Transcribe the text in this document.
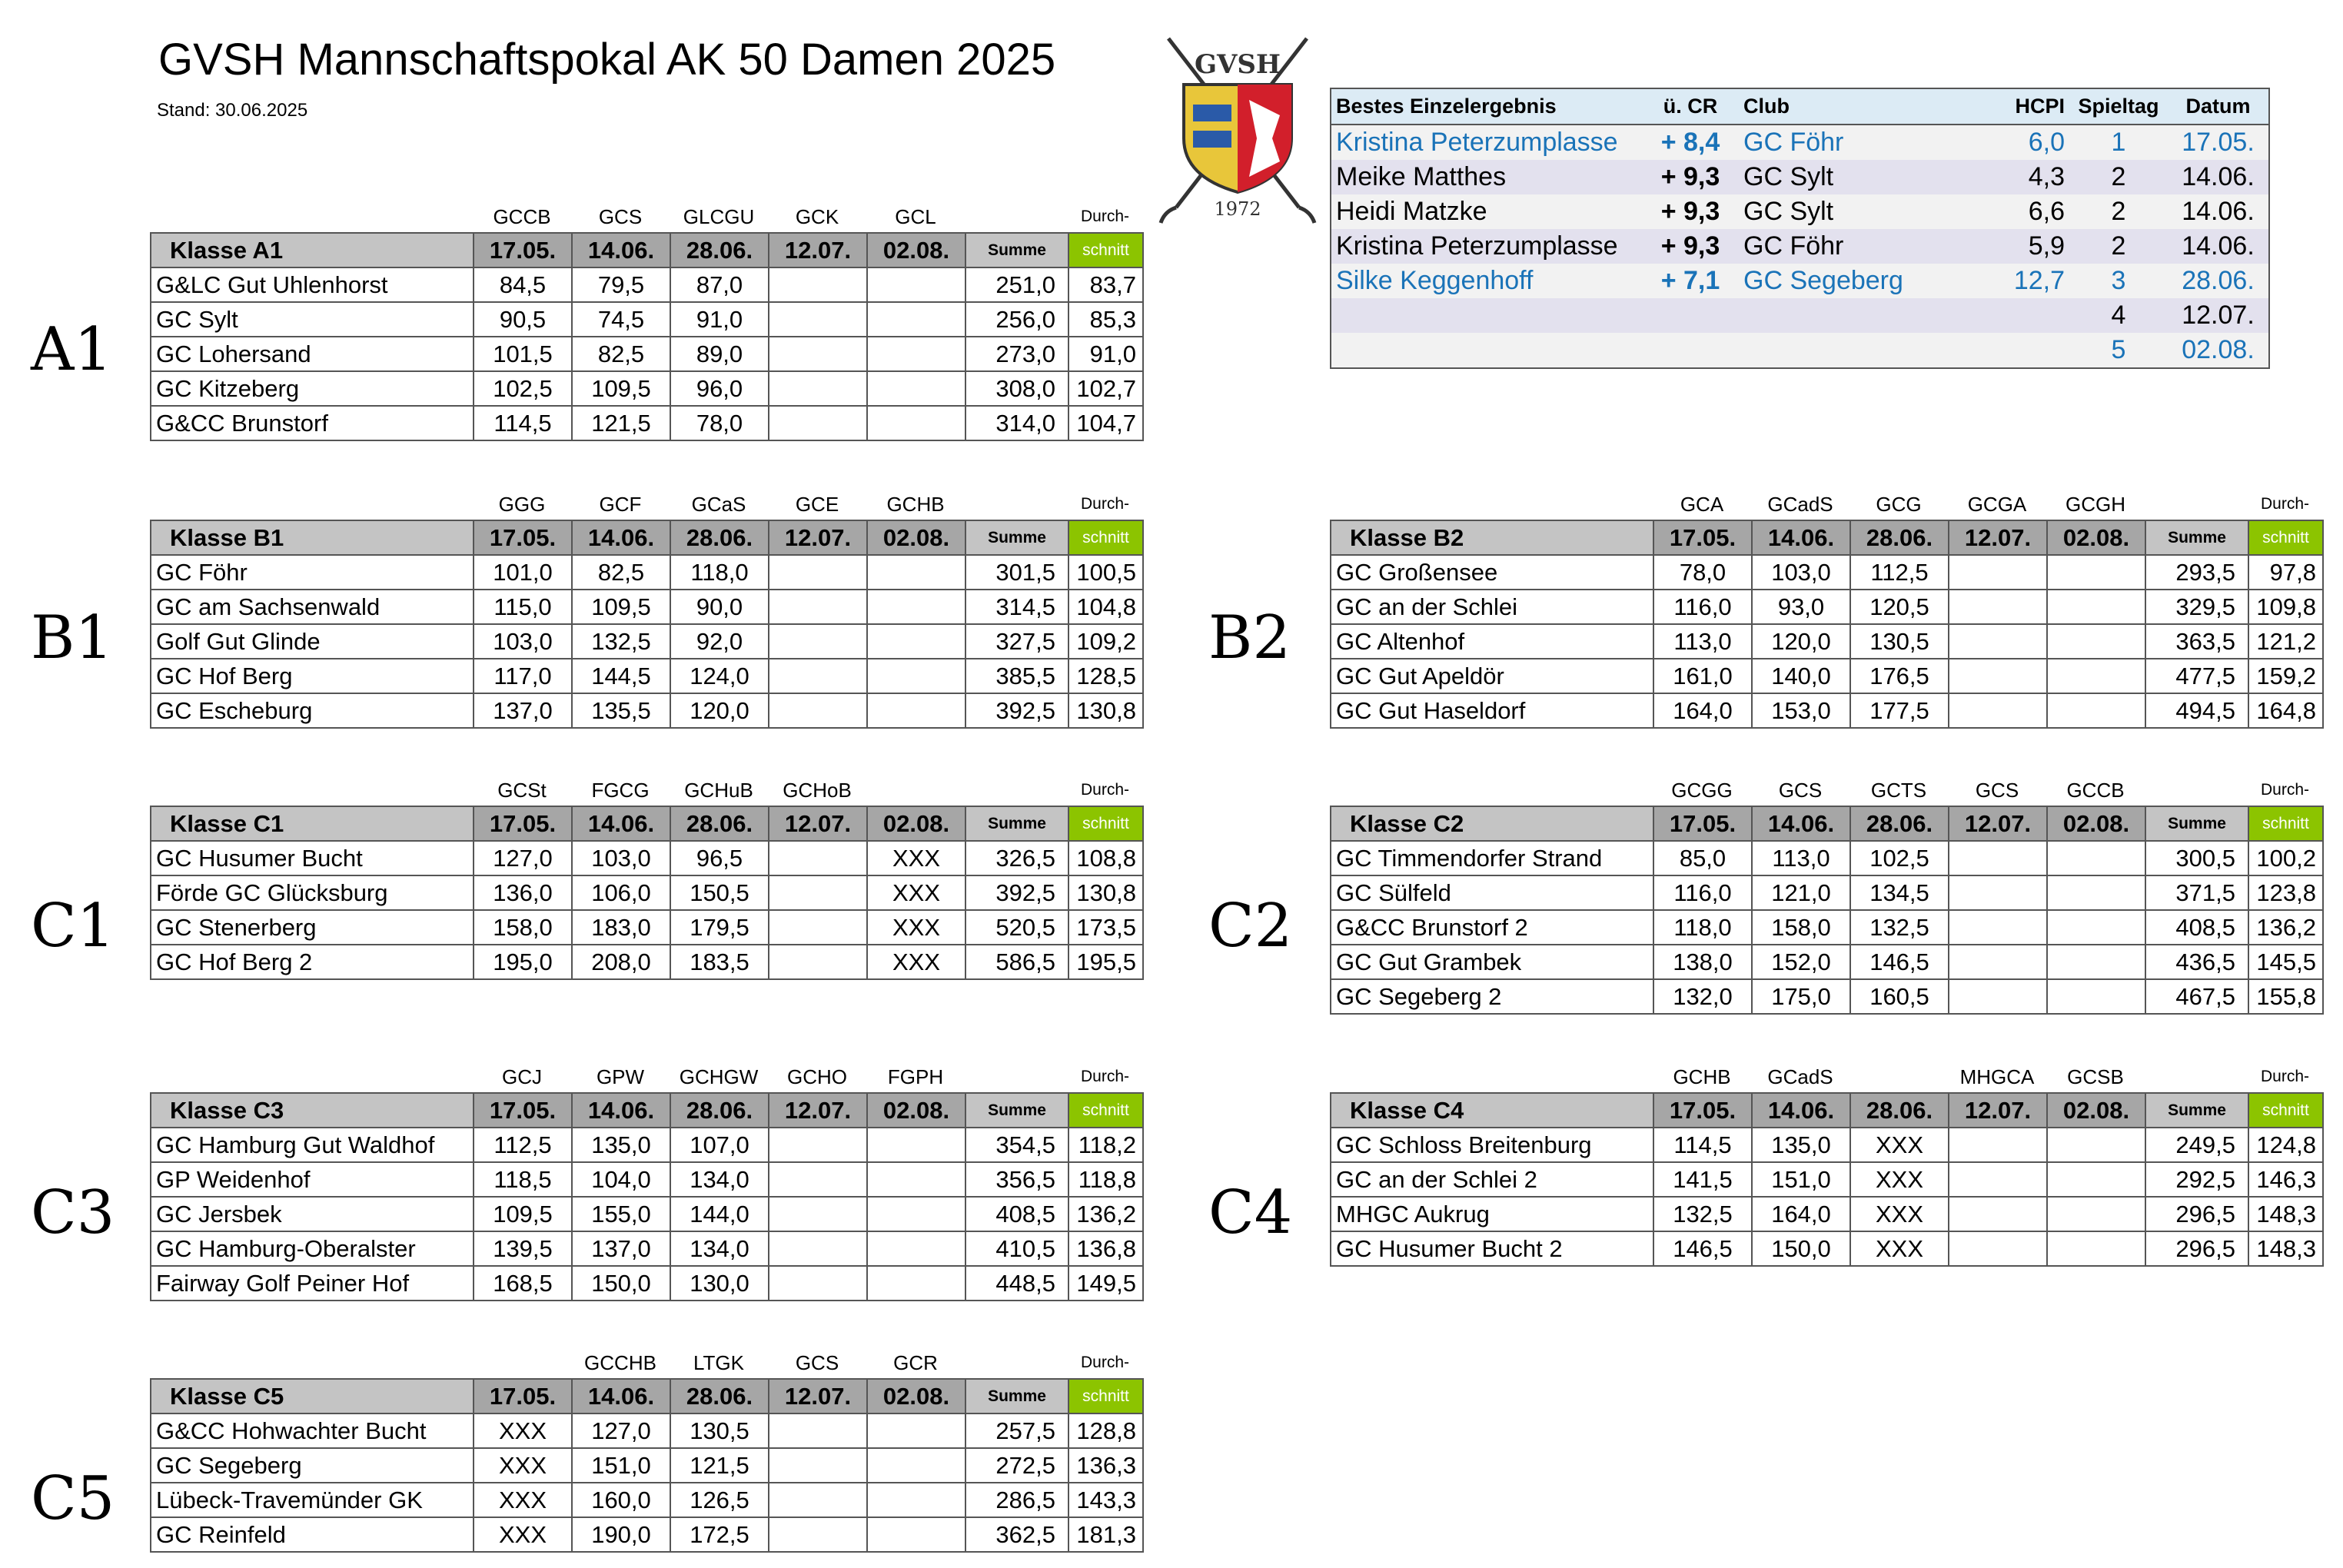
GVSH Mannschaftspokal AK 50 Damen 2025
Stand: 30.06.2025
GVSH
1972
A1
B1	B2
C1	C2
C3	C4
C5
GCCB	GCS	GLCGU	GCK	GCL	Durch-
Klasse A1	17.05.	14.06.	28.06.	12.07.	02.08.	Summe	schnitt
G&LC Gut Uhlenhorst	84,5	79,5	87,0			251,0	83,7
GC Sylt	90,5	74,5	91,0			256,0	85,3
GC Lohersand	101,5	82,5	89,0			273,0	91,0
GC Kitzeberg	102,5	109,5	96,0			308,0	102,7
G&CC Brunstorf	114,5	121,5	78,0			314,0	104,7
GGG	GCF	GCaS	GCE	GCHB	Durch-
Klasse B1	17.05.	14.06.	28.06.	12.07.	02.08.	Summe	schnitt
GC Föhr	101,0	82,5	118,0			301,5	100,5
GC am Sachsenwald	115,0	109,5	90,0			314,5	104,8
Golf Gut Glinde	103,0	132,5	92,0			327,5	109,2
GC Hof Berg	117,0	144,5	124,0			385,5	128,5
GC Escheburg	137,0	135,5	120,0			392,5	130,8
GCA	GCadS	GCG	GCGA	GCGH	Durch-
Klasse B2	17.05.	14.06.	28.06.	12.07.	02.08.	Summe	schnitt
GC Großensee	78,0	103,0	112,5			293,5	97,8
GC an der Schlei	116,0	93,0	120,5			329,5	109,8
GC Altenhof	113,0	120,0	130,5			363,5	121,2
GC Gut Apeldör	161,0	140,0	176,5			477,5	159,2
GC Gut Haseldorf	164,0	153,0	177,5			494,5	164,8
GCSt	FGCG	GCHuB	GCHoB	Durch-
Klasse C1	17.05.	14.06.	28.06.	12.07.	02.08.	Summe	schnitt
GC Husumer Bucht	127,0	103,0	96,5		XXX	326,5	108,8
Förde GC Glücksburg	136,0	106,0	150,5		XXX	392,5	130,8
GC Stenerberg	158,0	183,0	179,5		XXX	520,5	173,5
GC Hof Berg 2	195,0	208,0	183,5		XXX	586,5	195,5
GCGG	GCS	GCTS	GCS	GCCB	Durch-
Klasse C2	17.05.	14.06.	28.06.	12.07.	02.08.	Summe	schnitt
GC Timmendorfer Strand	85,0	113,0	102,5			300,5	100,2
GC Sülfeld	116,0	121,0	134,5			371,5	123,8
G&CC Brunstorf 2	118,0	158,0	132,5			408,5	136,2
GC Gut Grambek	138,0	152,0	146,5			436,5	145,5
GC Segeberg 2	132,0	175,0	160,5			467,5	155,8
GCJ	GPW	GCHGW	GCHO	FGPH	Durch-
Klasse C3	17.05.	14.06.	28.06.	12.07.	02.08.	Summe	schnitt
GC Hamburg Gut Waldhof	112,5	135,0	107,0			354,5	118,2
GP Weidenhof	118,5	104,0	134,0			356,5	118,8
GC Jersbek	109,5	155,0	144,0			408,5	136,2
GC Hamburg-Oberalster	139,5	137,0	134,0			410,5	136,8
Fairway Golf Peiner Hof	168,5	150,0	130,0			448,5	149,5
GCHB	GCadS	MHGCA	GCSB	Durch-
Klasse C4	17.05.	14.06.	28.06.	12.07.	02.08.	Summe	schnitt
GC Schloss Breitenburg	114,5	135,0	XXX			249,5	124,8
GC an der Schlei 2	141,5	151,0	XXX			292,5	146,3
MHGC Aukrug	132,5	164,0	XXX			296,5	148,3
GC Husumer Bucht 2	146,5	150,0	XXX			296,5	148,3
GCCHB	LTGK	GCS	GCR	Durch-
Klasse C5	17.05.	14.06.	28.06.	12.07.	02.08.	Summe	schnitt
G&CC Hohwachter Bucht	XXX	127,0	130,5			257,5	128,8
GC Segeberg	XXX	151,0	121,5			272,5	136,3
Lübeck-Travemünder GK	XXX	160,0	126,5			286,5	143,3
GC Reinfeld	XXX	190,0	172,5			362,5	181,3
Bestes Einzelergebnis	ü. CR	Club	HCPI	Spieltag	Datum
Kristina Peterzumplasse	+ 8,4	GC Föhr	6,0	1	17.05.
Meike Matthes	+ 9,3	GC Sylt	4,3	2	14.06.
Heidi Matzke	+ 9,3	GC Sylt	6,6	2	14.06.
Kristina Peterzumplasse	+ 9,3	GC Föhr	5,9	2	14.06.
Silke Keggenhoff	+ 7,1	GC Segeberg	12,7	3	28.06.
				4	12.07.
				5	02.08.
